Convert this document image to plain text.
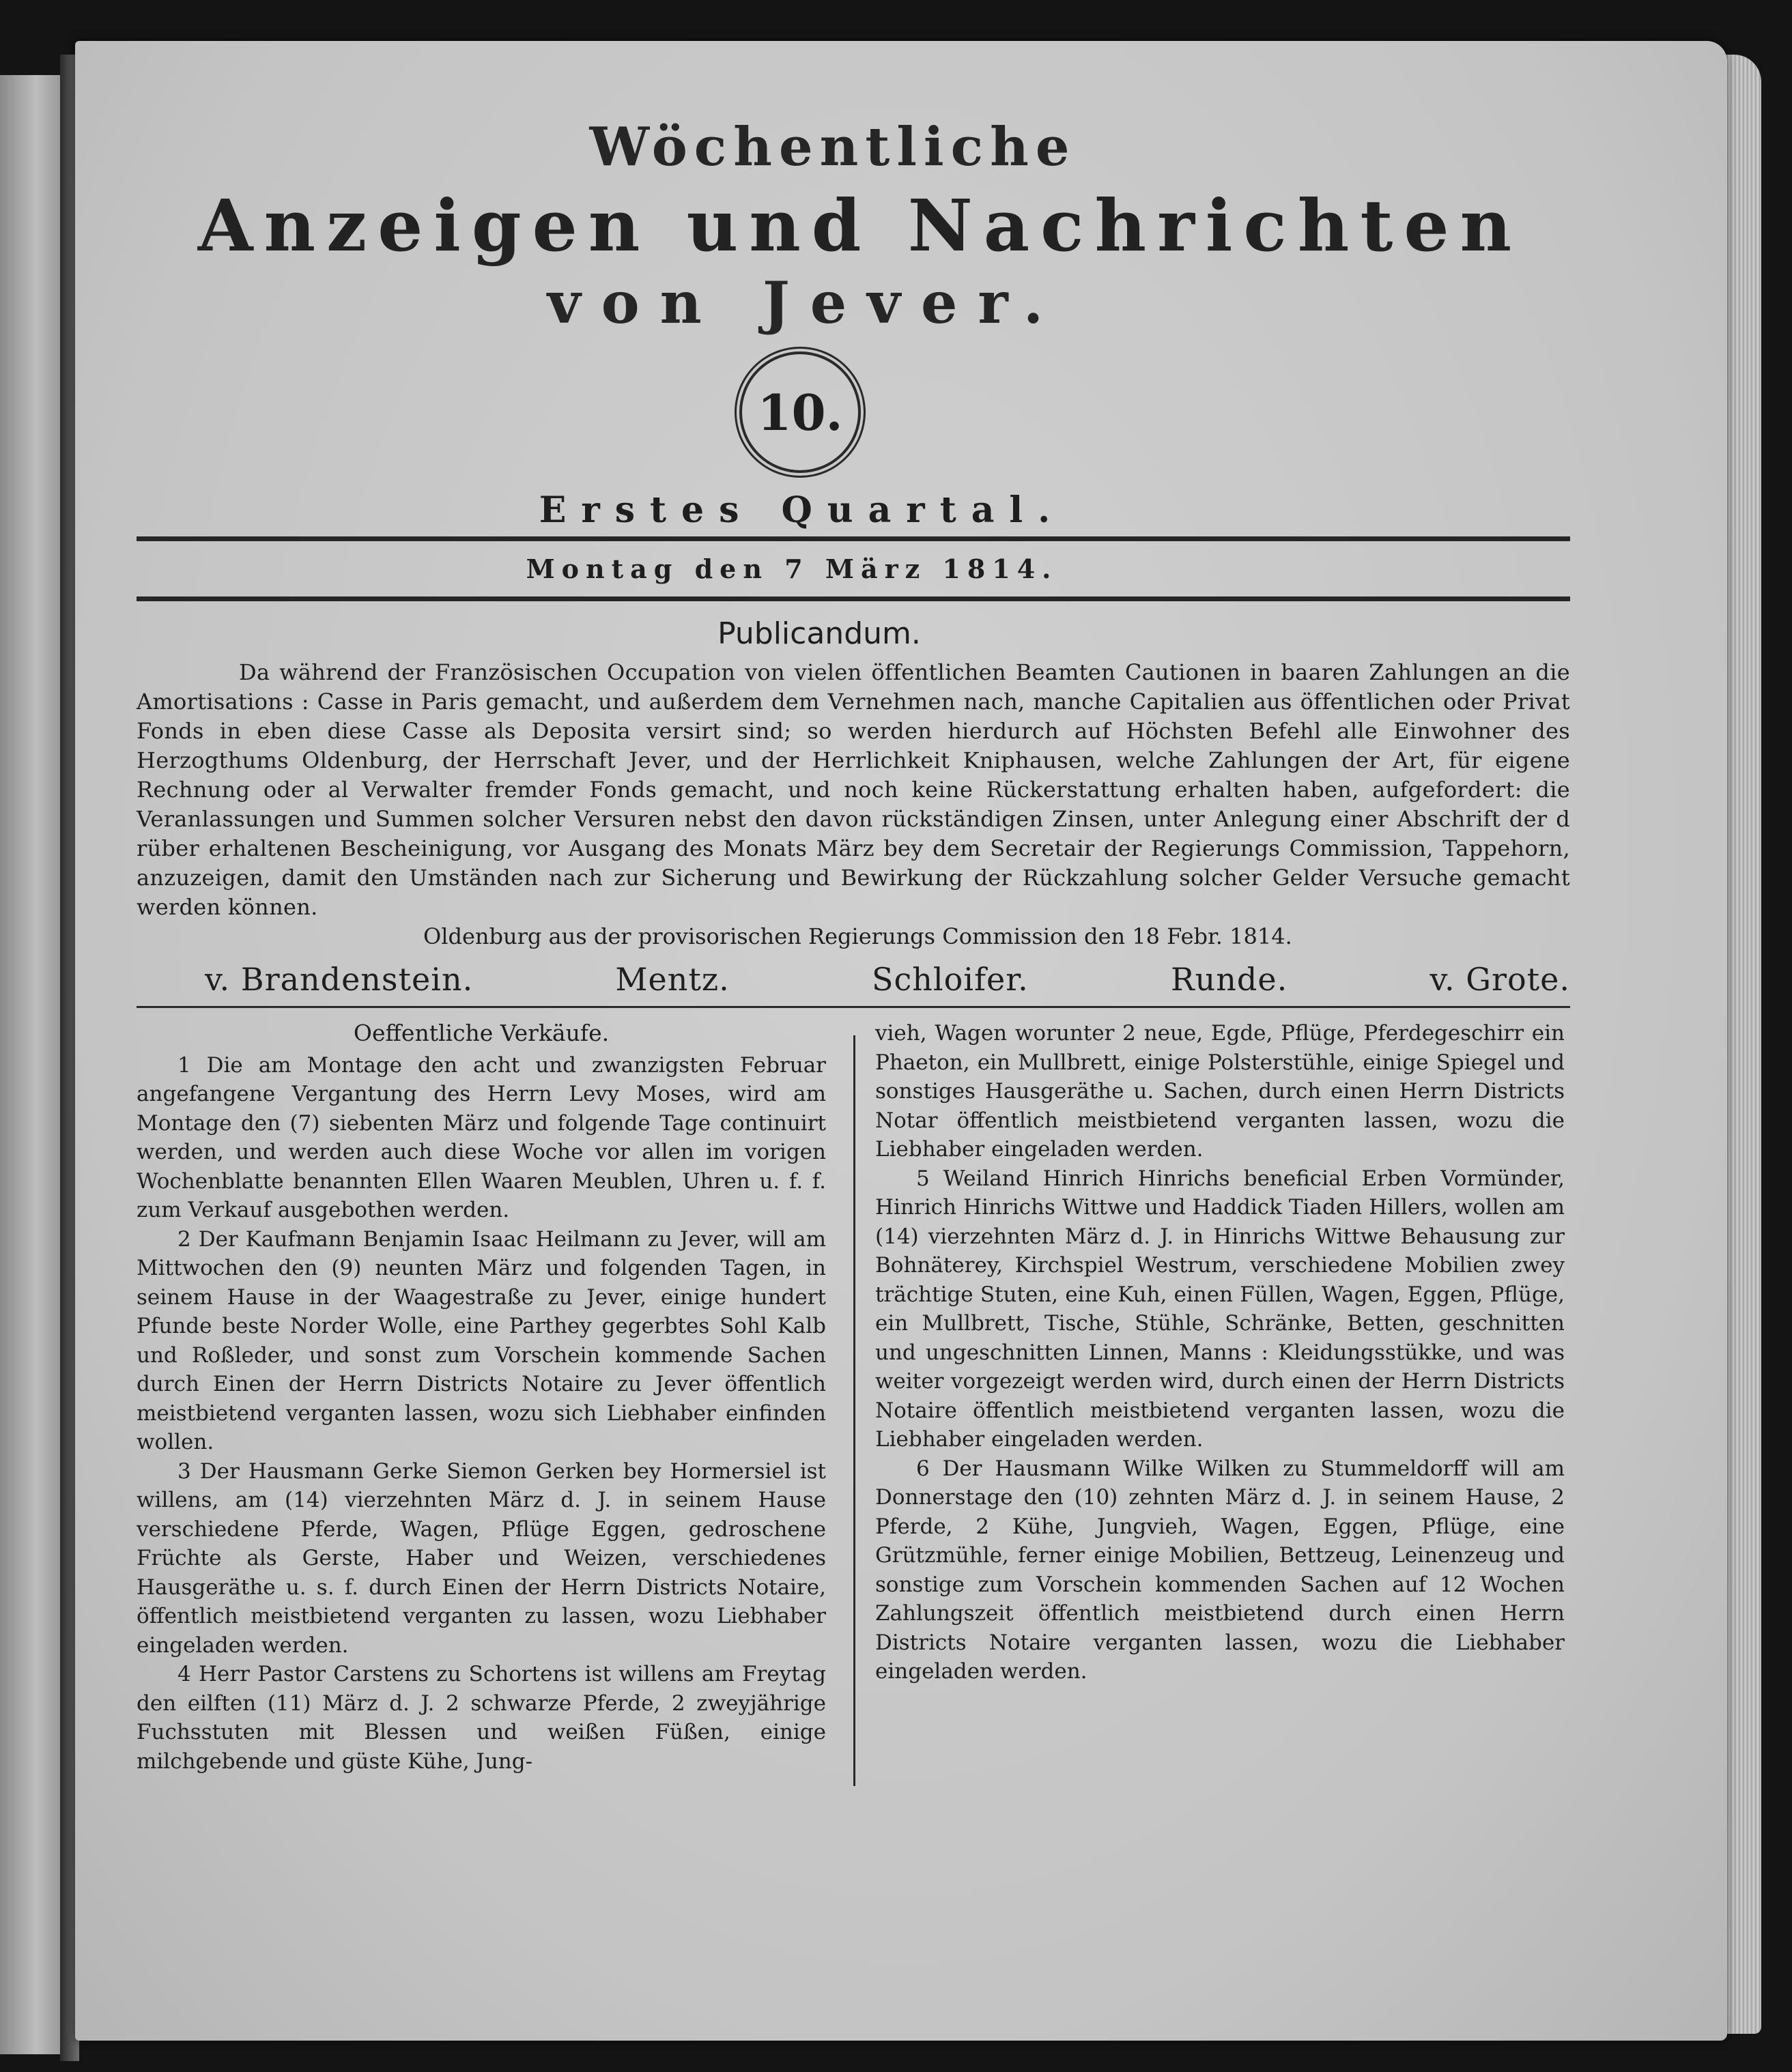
Wöchentliche
Anzeigen und Nachrichten
von Jever.
10.
Erstes Quartal.
Montag den 7 März 1814.
Publicandum.
Da während der Französischen Occupation von vielen öffentlichen Beamten Cautionen in baaren Zahlungen an die Amortisations : Casse in Paris gemacht, und außerdem dem Vernehmen nach, manche Capitalien aus öffentlichen oder Privat Fonds in eben diese Casse als Deposita versirt sind; so werden hierdurch auf Höchsten Befehl alle Einwohner des Herzogthums Oldenburg, der Herrschaft Jever, und der Herrlichkeit Kniphausen, welche Zahlungen der Art, für eigene Rechnung oder al Verwalter fremder Fonds gemacht, und noch keine Rückerstattung erhalten haben, aufgefordert: die Veranlassungen und Summen solcher Versuren nebst den davon rückständigen Zinsen, unter Anlegung einer Abschrift der d rüber erhaltenen Bescheinigung, vor Ausgang des Monats März bey dem Secretair der Regierungs Commission, Tappehorn, anzuzeigen, damit den Umständen nach zur Sicherung und Bewirkung der Rückzahlung solcher Gelder Versuche gemacht werden können.
Oldenburg aus der provisorischen Regierungs Commission den 18 Febr. 1814.
v. Brandenstein.	Mentz.	Schloifer.	Runde.	v. Grote.
Oeffentliche Verkäufe.
1 Die am Montage den acht und zwanzigsten Februar angefangene Vergantung des Herrn Levy Moses, wird am Montage den (7) siebenten März und folgende Tage continuirt werden, und werden auch diese Woche vor allen im vorigen Wochenblatte benannten Ellen Waaren Meublen, Uhren u. f. f. zum Verkauf ausgebothen werden.
2 Der Kaufmann Benjamin Isaac Heilmann zu Jever, will am Mittwochen den (9) neunten März und folgenden Tagen, in seinem Hause in der Waagestraße zu Jever, einige hundert Pfunde beste Norder Wolle, eine Parthey gegerbtes Sohl Kalb und Roßleder, und sonst zum Vorschein kommende Sachen durch Einen der Herrn Districts Notaire zu Jever öffentlich meistbietend verganten lassen, wozu sich Liebhaber einfinden wollen.
3 Der Hausmann Gerke Siemon Gerken bey Hormersiel ist willens, am (14) vierzehnten März d. J. in seinem Hause verschiedene Pferde, Wagen, Pflüge Eggen, gedroschene Früchte als Gerste, Haber und Weizen, verschiedenes Hausgeräthe u. s. f. durch Einen der Herrn Districts Notaire, öffentlich meistbietend verganten zu lassen, wozu Liebhaber eingeladen werden.
4 Herr Pastor Carstens zu Schortens ist willens am Freytag den eilften (11) März d. J. 2 schwarze Pferde, 2 zweyjährige Fuchsstuten mit Blessen und weißen Füßen, einige milchgebende und güste Kühe, Jung-
vieh, Wagen worunter 2 neue, Egde, Pflüge, Pferdegeschirr ein Phaeton, ein Mullbrett, einige Polsterstühle, einige Spiegel und sonstiges Hausgeräthe u. Sachen, durch einen Herrn Districts Notar öffentlich meistbietend verganten lassen, wozu die Liebhaber eingeladen werden.
5 Weiland Hinrich Hinrichs beneficial Erben Vormünder, Hinrich Hinrichs Wittwe und Haddick Tiaden Hillers, wollen am (14) vierzehnten März d. J. in Hinrichs Wittwe Behausung zur Bohnäterey, Kirchspiel Westrum, verschiedene Mobilien zwey trächtige Stuten, eine Kuh, einen Füllen, Wagen, Eggen, Pflüge, ein Mullbrett, Tische, Stühle, Schränke, Betten, geschnitten und ungeschnitten Linnen, Manns : Kleidungsstükke, und was weiter vorgezeigt werden wird, durch einen der Herrn Districts Notaire öffentlich meistbietend verganten lassen, wozu die Liebhaber eingeladen werden.
6 Der Hausmann Wilke Wilken zu Stummeldorff will am Donnerstage den (10) zehnten März d. J. in seinem Hause, 2 Pferde, 2 Kühe, Jungvieh, Wagen, Eggen, Pflüge, eine Grützmühle, ferner einige Mobilien, Bettzeug, Leinenzeug und sonstige zum Vorschein kommenden Sachen auf 12 Wochen Zahlungszeit öffentlich meistbietend durch einen Herrn Districts Notaire verganten lassen, wozu die Liebhaber eingeladen werden.
